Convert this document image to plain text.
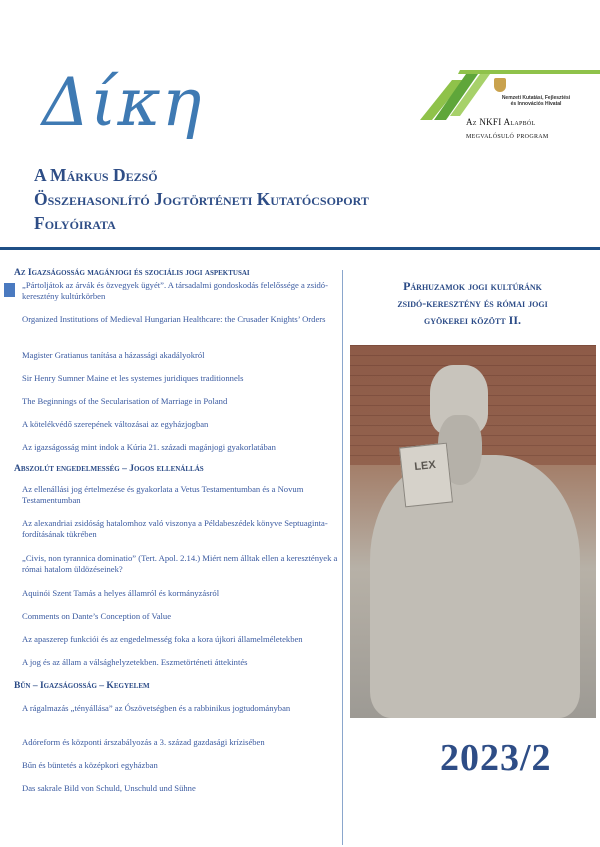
Δίκη
A Márkus Dezső
Összehasonlító Jogtörténeti Kutatócsoport
Folyóirata
Nemzeti Kutatási, Fejlesztési
és Innovációs Hivatal
Az NKFI Alapból
megvalósuló program
Az Igazságosság magánjogi és szociális jogi aspektusai
„Pártoljátok az árvák és özvegyek ügyét”. A társadalmi gondoskodás felelőssége a zsidó-keresztény kultúrkörben
Organized Institutions of Medieval Hungarian Healthcare: the Crusader Knights’ Orders
Magister Gratianus tanítása a házassági akadályokról
Sir Henry Sumner Maine et les systemes juridiques traditionnels
The Beginnings of the Secularisation of Marriage in Poland
A kötelékvédő szerepének változásai az egyházjogban
Az igazságosság mint indok a Kúria 21. századi magánjogi gyakorlatában
Abszolút engedelmesség – Jogos ellenállás
Az ellenállási jog értelmezése és gyakorlata a Vetus Testamentumban és a Novum Testamentumban
Az alexandriai zsidóság hatalomhoz való viszonya a Példabeszédek könyve Septuaginta-fordításának tükrében
„Civis, non tyrannica dominatio” (Tert. Apol. 2.14.) Miért nem álltak ellen a keresztények a római hatalom üldözéseinek?
Aquinói Szent Tamás a helyes államról és kormányzásról
Comments on Dante’s Conception of Value
Az apaszerep funkciói és az engedelmesség foka a kora újkori államelméletekben
A jog és az állam a válsághelyzetekben. Eszmetörténeti áttekintés
Bűn – Igazságosság – Kegyelem
A rágalmazás „tényállása” az Ószövetségben és a rabbinikus jogtudományban
Adóreform és központi árszabályozás a 3. század gazdasági krízisében
Bűn és büntetés a középkori egyházban
Das sakrale Bild von Schuld, Unschuld und Sühne
Párhuzamok jogi kultúránk
zsidó-keresztény és római jogi
gyökerei között II.
LEX
2023/2
